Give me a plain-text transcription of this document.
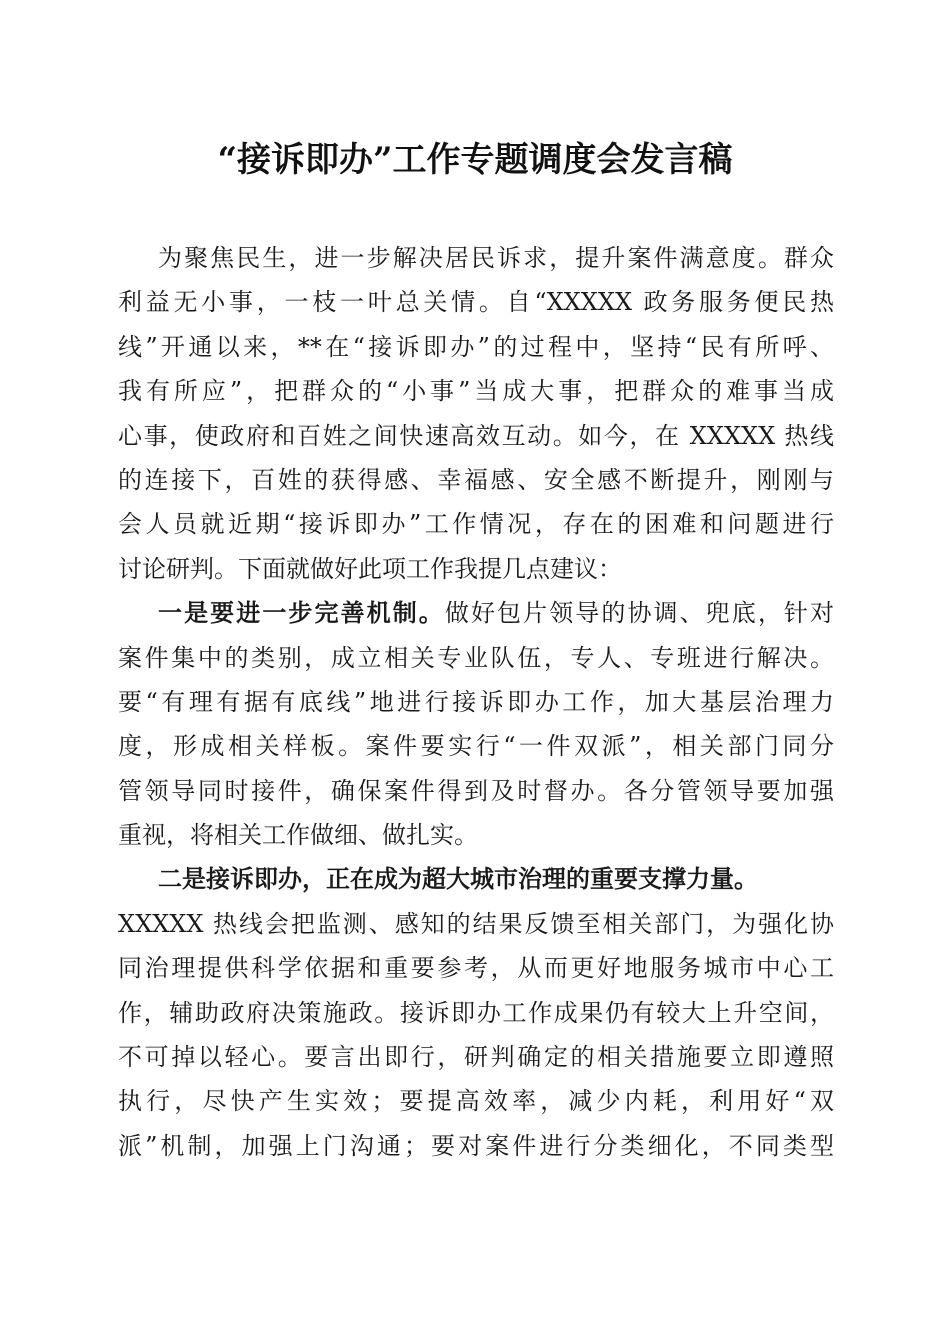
“接诉即办”工作专题调度会发言稿
为聚焦民生，进一步解决居民诉求，提升案件满意度。群众
利益无小事，一枝一叶总关情。自“XXXXX 政务服务便民热
线”开通以来，**在“接诉即办”的过程中，坚持“民有所呼、
我有所应”，把群众的“小事”当成大事，把群众的难事当成
心事，使政府和百姓之间快速高效互动。如今，在 XXXXX 热线
的连接下，百姓的获得感、幸福感、安全感不断提升，刚刚与
会人员就近期“接诉即办”工作情况，存在的困难和问题进行
讨论研判。下面就做好此项工作我提几点建议：
一是要进一步完善机制。做好包片领导的协调、兜底，针对
案件集中的类别，成立相关专业队伍，专人、专班进行解决。
要“有理有据有底线”地进行接诉即办工作，加大基层治理力
度，形成相关样板。案件要实行“一件双派”，相关部门同分
管领导同时接件，确保案件得到及时督办。各分管领导要加强
重视，将相关工作做细、做扎实。
二是接诉即办，正在成为超大城市治理的重要支撑力量。
XXXXX 热线会把监测、感知的结果反馈至相关部门，为强化协
同治理提供科学依据和重要参考，从而更好地服务城市中心工
作，辅助政府决策施政。接诉即办工作成果仍有较大上升空间，
不可掉以轻心。要言出即行，研判确定的相关措施要立即遵照
执行，尽快产生实效；要提高效率，减少内耗，利用好“双
派”机制，加强上门沟通；要对案件进行分类细化，不同类型
